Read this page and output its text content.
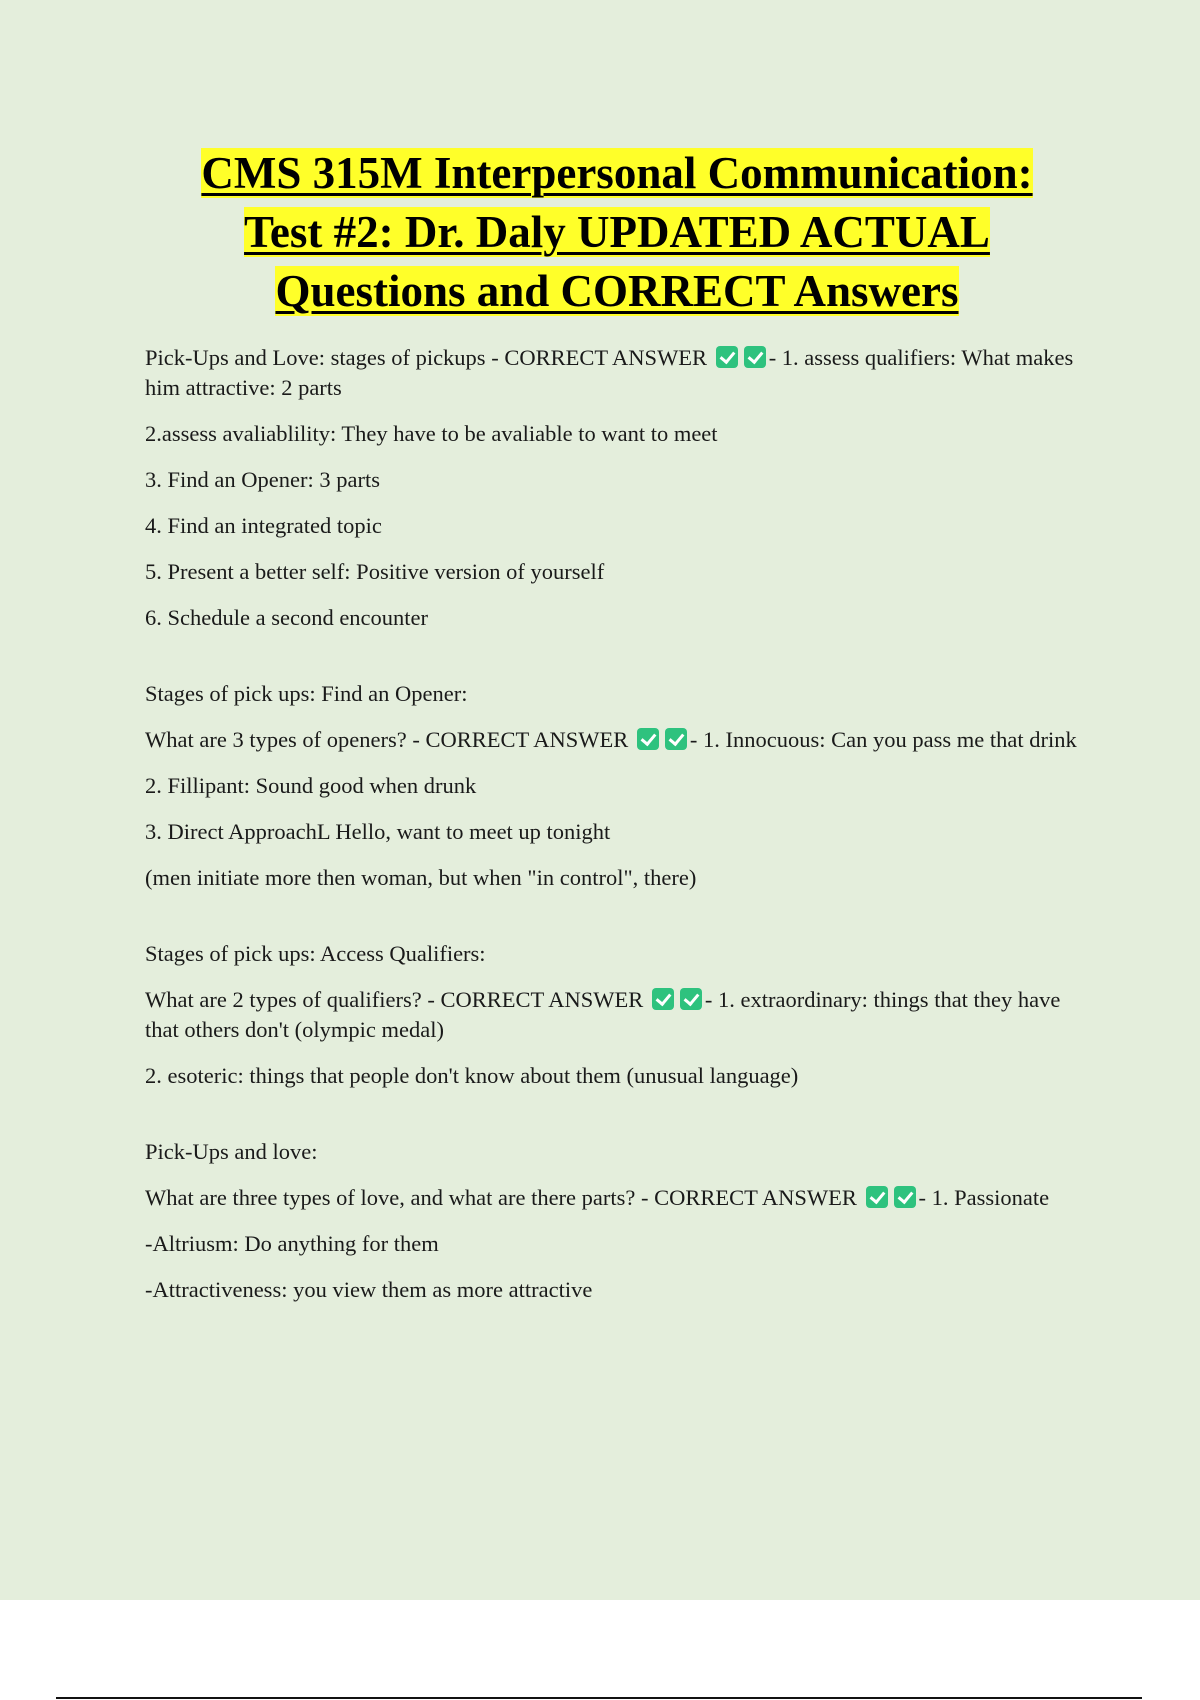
CMS 315M Interpersonal Communication:
Test #2: Dr. Daly UPDATED ACTUAL
Questions and CORRECT Answers

Pick-Ups and Love: stages of pickups - CORRECT ANSWER	- 1. assess qualifiers: What makes him attractive: 2 parts

2.assess avaliablility: They have to be avaliable to want to meet

3. Find an Opener: 3 parts

4. Find an integrated topic

5. Present a better self: Positive version of yourself

6. Schedule a second encounter

Stages of pick ups: Find an Opener:

What are 3 types of openers? - CORRECT ANSWER	- 1. Innocuous: Can you pass me that drink

2. Fillipant: Sound good when drunk

3. Direct ApproachL Hello, want to meet up tonight

(men initiate more then woman, but when "in control", there)

Stages of pick ups: Access Qualifiers:

What are 2 types of qualifiers? - CORRECT ANSWER	- 1. extraordinary: things that they have that others don't (olympic medal)

2. esoteric: things that people don't know about them (unusual language)

Pick-Ups and love:

What are three types of love, and what are there parts? - CORRECT ANSWER	- 1. Passionate

-Altriusm: Do anything for them

-Attractiveness: you view them as more attractive
